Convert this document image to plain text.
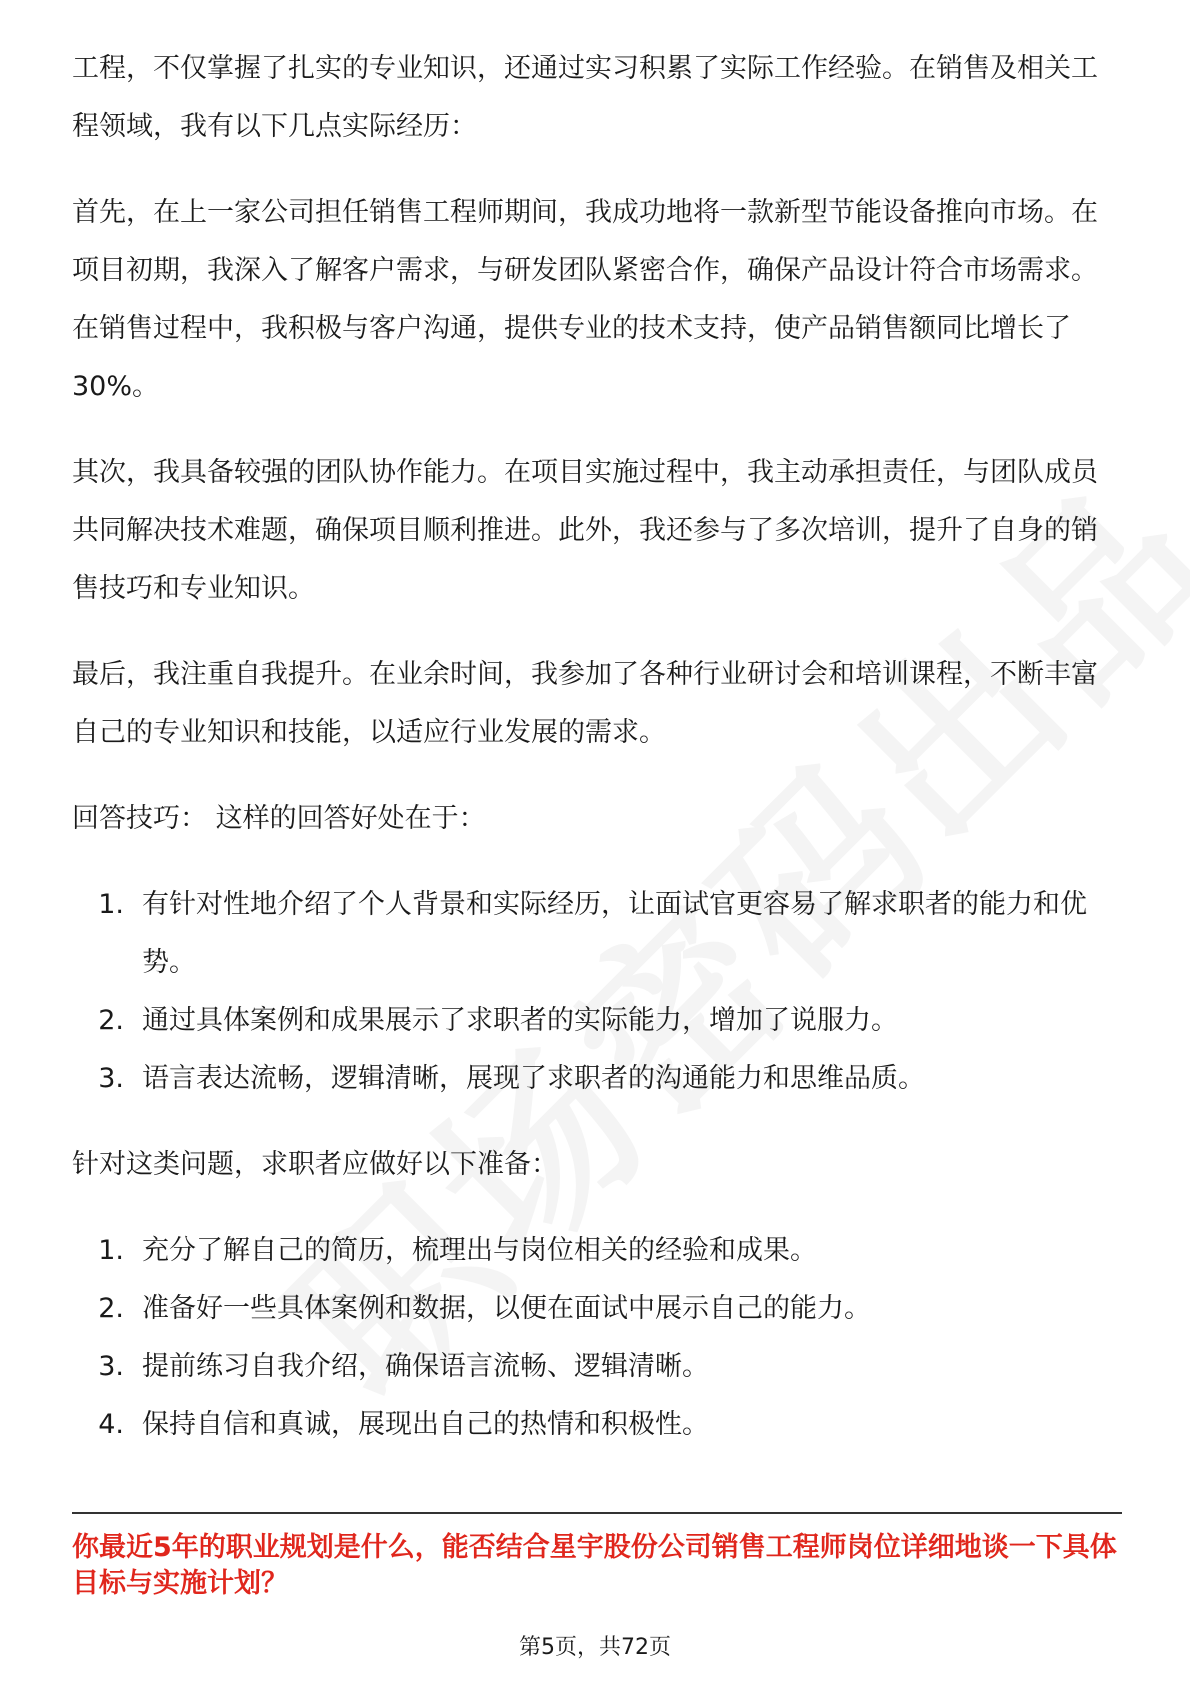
工程，不仅掌握了扎实的专业知识，还通过实习积累了实际工作经验。在销售及相关工程领域，我有以下几点实际经历：

首先，在上一家公司担任销售工程师期间，我成功地将一款新型节能设备推向市场。在项目初期，我深入了解客户需求，与研发团队紧密合作，确保产品设计符合市场需求。在销售过程中，我积极与客户沟通，提供专业的技术支持，使产品销售额同比增长了30%。

其次，我具备较强的团队协作能力。在项目实施过程中，我主动承担责任，与团队成员共同解决技术难题，确保项目顺利推进。此外，我还参与了多次培训，提升了自身的销售技巧和专业知识。

最后，我注重自我提升。在业余时间，我参加了各种行业研讨会和培训课程，不断丰富自己的专业知识和技能，以适应行业发展的需求。

回答技巧： 这样的回答好处在于：

1. 有针对性地介绍了个人背景和实际经历，让面试官更容易了解求职者的能力和优势。
2. 通过具体案例和成果展示了求职者的实际能力，增加了说服力。
3. 语言表达流畅，逻辑清晰，展现了求职者的沟通能力和思维品质。

针对这类问题，求职者应做好以下准备：

1. 充分了解自己的简历，梳理出与岗位相关的经验和成果。
2. 准备好一些具体案例和数据，以便在面试中展示自己的能力。
3. 提前练习自我介绍，确保语言流畅、逻辑清晰。
4. 保持自信和真诚，展现出自己的热情和积极性。
你最近5年的职业规划是什么，能否结合星宇股份公司销售工程师岗位详细地谈一下具体目标与实施计划？
第5页，共72页
